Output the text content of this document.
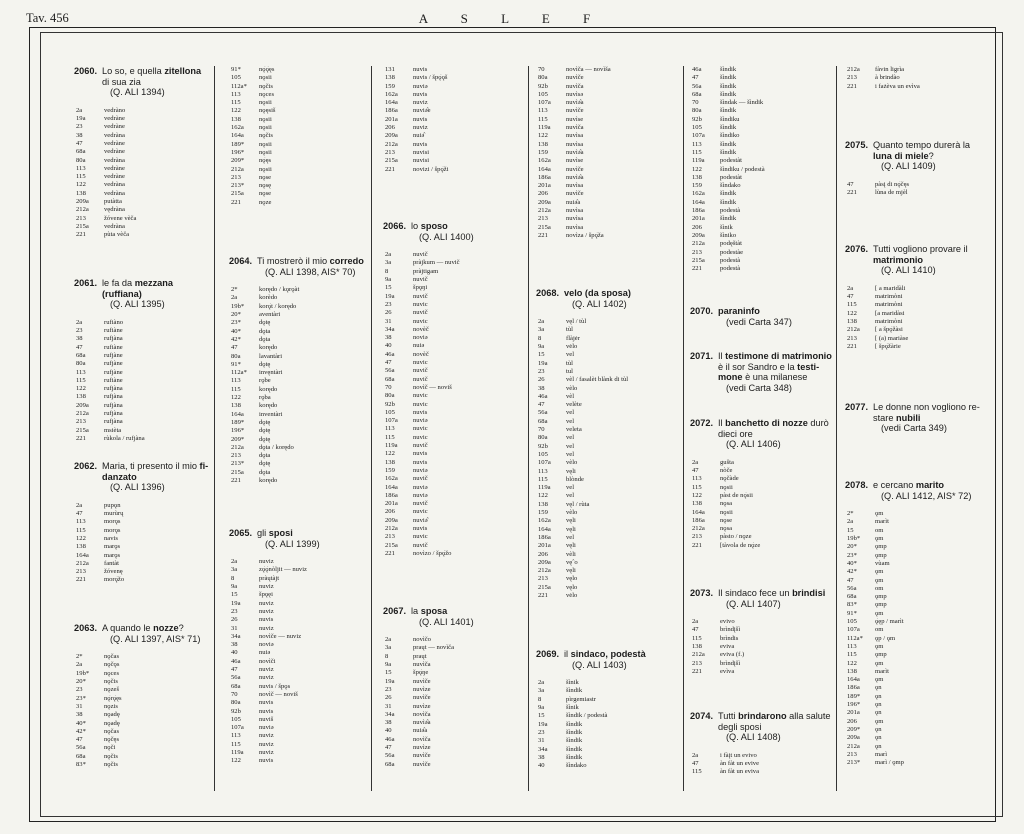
Tav. 456	A S L E F
2060. Lo so, e quella zitellona di sua zia
(Q. ALI 1394)
2a	vedràno
19a	vedràne
23	vedràne
38	vedràna
47	vedràne
68a	vedràne
80a	vedràna
113	vedràne
115	vedràne
122	vedràna
138	vedràna
209a	putàtta
212a	vędràna
213	žóvene vèča
215a	vedràna
221	pùta vèča
2061. le fa da mezzana (ruffiana)
(Q. ALI 1395)
2a	rufiàno
23	rufiàne
38	rufjàna
47	rufiàne
68a	rufjàne
80a	rufjàne
113	rufjàne
115	rufiàne
122	rufjàna
138	rufjàna
209a	rufjàna
212a	rufjàna
213	rufjàna
215a	msièta
221	rùkola / rufjàna
2062. Maria, ti presento il mio fi-danzato
(Q. ALI 1396)
2a	pupǫn
47	murùrų
113	morǫs
115	morǫs
122	navis
138	marǫs
164a	marǫs
212a	fantàt
213	žóvenę
221	morǫ̀žo
2063. A quando le nozze?
(Q. ALI 1397, AIS* 71)
2*	nǫčas
2a	nǫčǫs
19b*	nǫces
20*	nǫčis
23	nǫzeš
23*	nǫ̀rǫ̀ęs
31	nǫzis
38	nǫadȩ
40*	nǫadȩ
42*	nǫčas
47	nǫčęs
56a	nǫči
68a	nǫčis
83*	nǫčis
91*	nǫ̀ǫ̀ęs
105	nǫsii
112a*	nǫčis
113	nǫces
115	nǫsii
122	nǫęsiš
138	nǫsii
162a	nǫsii
164a	nǫčis
189*	nǫsii
196*	nǫsii
209*	nǫ̀ęs
212a	nǫsii
213	nǫse
213*	nǫsę
215a	nǫse
221	nǫze
2064. Ti mostrerò il mio corredo
(Q. ALI 1398, AIS* 70)
2*	korędo / kǫrǫàt
2a	korèdo
19b*	korǫ̀t / korędo
20*	aventàri
23*	dǫtę
40*	dǫta
42*	dǫta
47	korędo
80a	lavantàri
91*	dǫtę
112a*	invęntàri
113	rǫbe
115	korędo
122	rǫba
138	korędo
164a	inventàri
189*	dǫtę
196*	dǫtę
209*	dǫtę
212a	dǫta / korędo
213	dǫta
213*	dǫtę
215a	dǫta
221	korędo
2065. gli sposi
(Q. ALI 1399)
2a	nuviz
3a	zǫ̀ǫ̀nòljit — nuviz
8	pràųtàjt
9a	nuviz
15	špǫęi
19a	nuviz
23	nuviz
26	nuvis
31	nuviz
34a	novìče — nuviz
38	noviə
40	nuiə
46a	novìči
47	nuviz
56a	nuviz
68a	nuvis / špǫs
70	novìč — noviš
80a	nuvis
92b	nuvis
105	nuviš
107a	nuviə
113	nuviz
115	nuviz
119a	nuviz
122	nuvis
131	nuvis
138	nuvis / špǫ̀ǫš
159	nuviə
162a	nuvis
164a	nuviz
186a	nuviə̂e
201a	nuvis
206	nuviz
209a	nuiə̂
212a	nuvis
213	nuvisi
215a	nuvisi
221	novizi / špǫ̀ži
2066. lo sposo
(Q. ALI 1400)
2a	nuvič
3a	pràjkum — nuvič
8	pràjtigam
9a	nuvič
15	špǫŋi
19a	nuvič
23	nuvic
26	nuvič
31	nuvic
34a	novèč
38	noviə
40	nuiə
46a	novèč
47	nuvic
56a	nuvič
68a	nuvič
70	novìč — noviš
80a	nuvic
92b	nuvic
105	nuvis
107a	nuviə
113	nuvic
115	nuvic
119a	nuvič
122	nuvis
138	nuvis
159	nuviə
162a	nuvič
164a	nuviə
186a	nuviə
201a	nuvič
206	nuvic
209a	nuviə̂
212a	nuvis
213	nuvic
215a	nuvič
221	novìzo / špǫ̀žo
2067. la sposa
(Q. ALI 1401)
2a	novìčo
3a	praųt — novìča
8	praųt
9a	nuvìča
15	špǫ̀ŋe
19a	nuvìče
23	nuvìze
26	nuvìče
31	nuvìze
34a	novìča
38	nuvìə̂a
40	nuiə̂a
46a	novìča
47	nuvìze
56a	nuvìče
68a	nuvìče
70	novìča — novìša
80a	nuvìče
92b	nuvìča
105	nuvìsə
107a	nuvìə̂a
113	nuvìče
115	nuvìse
119a	nuvìča
122	nuvìsa
138	nuvìsa
159	nuvìə̂a
162a	nuvìse
164a	nuvìče
186a	nuvìə̂a
201a	nuvìsa
206	nuvìče
209a	nuiə̂a
212a	nuvìsa
213	nuvìsa
215a	nuvìsa
221	novìza / špǫ̀ža
2068. velo (da sposa)
(Q. ALI 1402)
2a	vęl / tùl
3a	tùl
8	flàjėr
9a	vėlo
15	vel
19a	tùl
23	tul
26	vèl / fasalèt blànk di tùl
38	vèlo
46a	vèl
47	velète
56a	vel
68a	vel
70	veleta
80a	vel
92b	vel
105	vel
107a	vèlo
113	vęli
115	blònde
119a	vel
122	vel
138	vęl / rùta
159	vèlo
162a	vęli
164a	vęli
186a	vel
201a	vęli
206	vèli
209a	vęˆo
212a	vęli
213	vęlo
215a	vęlo
221	vėlo
2069. il sindaco, podestà
(Q. ALI 1403)
2a	šìnik
3a	šìndik
8	pìrgemiastr
9a	šìnik
15	šìndik / podestà
19a	šìndik
23	šìndik
31	šìndik
34a	šìndik
38	šìndik
40	šìndako
46a	šìndik
47	šìndik
56a	šìndik
68a	šìndik
70	šìndak — šìndik
80a	šìndik
92b	šìndiku
105	šìndik
107a	šìndiko
113	šìndik
115	šìndik
119a	podestàt
122	šìndiku / podestà
138	podestàt
159	šìndako
162a	šìndik
164a	šìndik
186a	podestà
201a	šìndik
206	šìnik
209a	šìniko
212a	podęštàt
213	podestàe
215a	podestà
221	podestà
2070. paraninfo
(vedi Carta 347)
2071. Il testimone di matrimonio è il sor Sandro e la testi-mone è una milanese
(vedi Carta 348)
2072. Il banchetto di nozze durò dieci ore
(Q. ALI 1406)
2a	gušta
47	nòče
113	nǫčàde
115	nǫsii
122	pàst de nǫ̀sii
138	nǫsa
164a	nǫsii
186a	nǫse
212a	nǫsa
213	pàsto / nǫze
221	[tàvola de nǫ̀ze
2073. Il sindaco fece un brindisi
(Q. ALI 1407)
2a	evivo
47	brìndįšì
115	brìndis
138	eviva
212a	eviva (f.)
213	brìndįšì
221	evìva
2074. Tutti brindarono alla salute degli sposi
(Q. ALI 1408)
2a	i fàįt un evivo
47	àn fàt un evive
115	àn fàt un eviva
212a	fàvin ligrìa
213	à brindào
221	i fażèva un evìva
2075. Quanto tempo durerà la luna di miele?
(Q. ALI 1409)
47	pàsį di nǫ̀čęs
221	lùna de mjèl
2076. Tutti vogliono provare il matrimonio
(Q. ALI 1410)
2a	[ a maridàli
47	matrimòni
115	matrimòni
122	[a maridàsi
138	matrimòni
212a	[ a špǫ̀žàsi
213	[ (a) mariàse
221	[ špǫ̀žàrie
2077. Le donne non vogliono re-stare nubili
(vedi Carta 349)
2078. e cercano marito
(Q. ALI 1412, AIS* 72)
2*	ǫm
2a	marìt
15	om
19b*	ǫm
20*	ǫmp
23*	ǫmp
40*	vùam
42*	ǫm
47	ǫm
56a	om
68a	ǫmp
83*	ǫmp
91*	ǫm
105	ǫ̀ęp / marìt
107a	om
112a*	ǫp / ǫm
113	ǫm
115	ǫmp
122	ǫm
138	marìt
164a	ǫm
186a	ǫn
189*	ǫn
196*	ǫn
201a	ǫn
206	ǫm
209*	ǫn
209a	ǫn
212a	ǫn
213	marì
213*	marì / ǫmp
